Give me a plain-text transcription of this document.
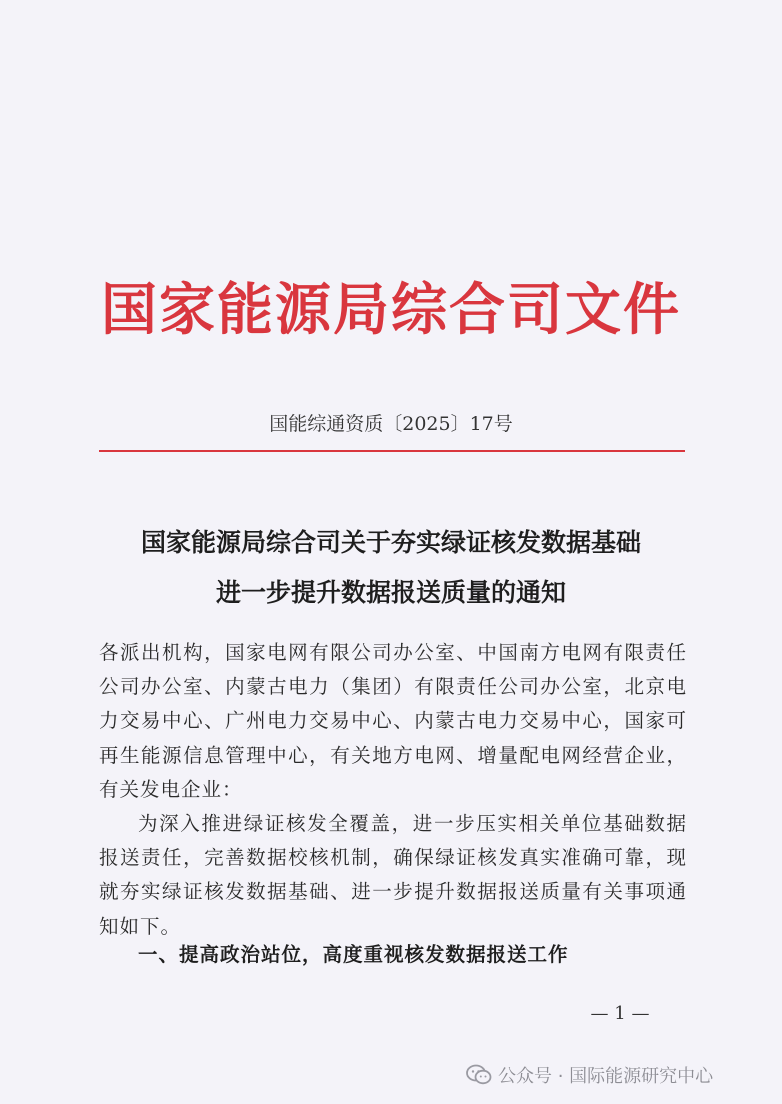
国家能源局综合司文件
国能综通资质〔2025〕17号
国家能源局综合司关于夯实绿证核发数据基础
进一步提升数据报送质量的通知

各派出机构，国家电网有限公司办公室、中国南方电网有限责任公司办公室、内蒙古电力（集团）有限责任公司办公室，北京电力交易中心、广州电力交易中心、内蒙古电力交易中心，国家可再生能源信息管理中心，有关地方电网、增量配电网经营企业，有关发电企业：

为深入推进绿证核发全覆盖，进一步压实相关单位基础数据报送责任，完善数据校核机制，确保绿证核发真实准确可靠，现就夯实绿证核发数据基础、进一步提升数据报送质量有关事项通知如下。

一、提高政治站位，高度重视核发数据报送工作
— 1 —
公众号 · 国际能源研究中心
